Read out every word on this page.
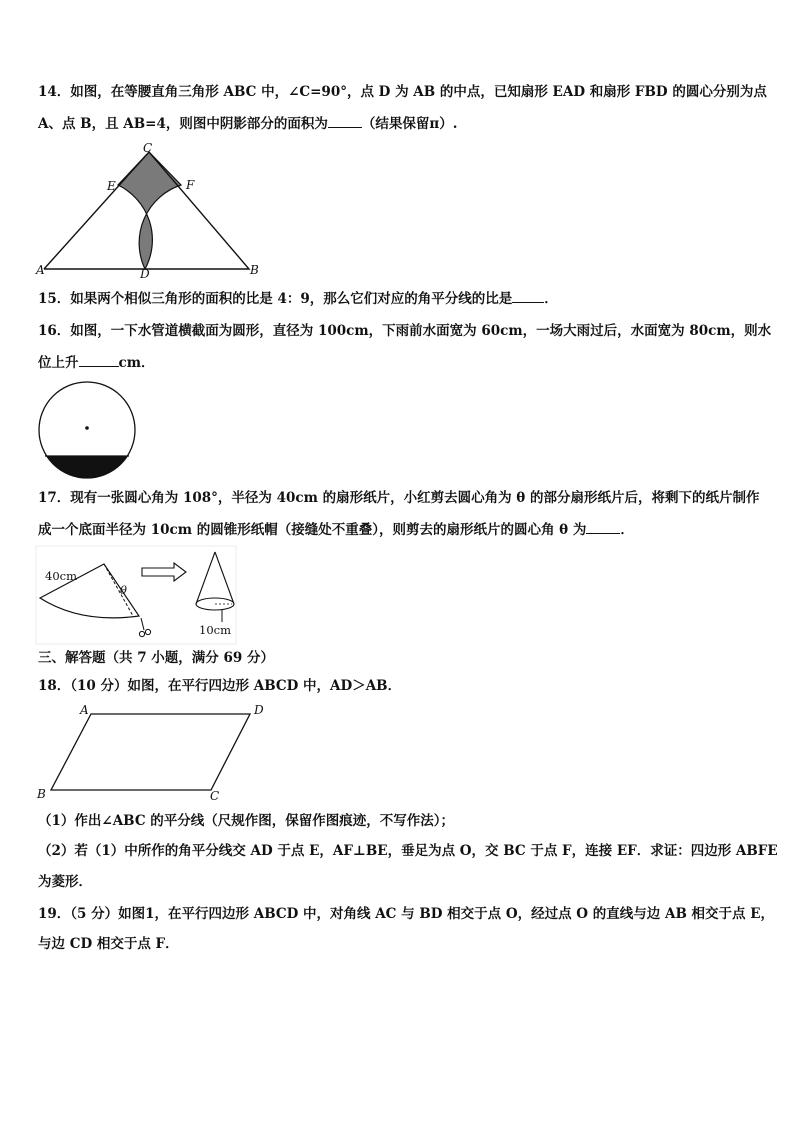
14．如图，在等腰直角三角形 ABC 中，∠C=90°，点 D 为 AB 的中点，已知扇形 EAD 和扇形 FBD 的圆心分别为点
A、点 B，且 AB=4，则图中阴影部分的面积为	（结果保留π）.
A	B
C
D
E	F
15．如果两个相似三角形的面积的比是 4：9，那么它们对应的角平分线的比是 ．
16．如图，一下水管道横截面为圆形，直径为 100cm，下雨前水面宽为 60cm，一场大雨过后，水面宽为 80cm，则水
位上升	cm．
17．现有一张圆心角为 108°，半径为 40cm 的扇形纸片，小红剪去圆心角为 θ 的部分扇形纸片后，将剩下的纸片制作
成一个底面半径为 10cm 的圆锥形纸帽（接缝处不重叠），则剪去的扇形纸片的圆心角 θ 为	．
40cm
θ
10cm
三、解答题（共 7 小题，满分 69 分）
18．（10 分）如图，在平行四边形 ABCD 中，AD＞AB．
A	D
B	C
（1）作出∠ABC 的平分线（尺规作图，保留作图痕迹，不写作法）；
（2）若（1）中所作的角平分线交 AD 于点 E，AF⊥BE，垂足为点 O，交 BC 于点 F，连接 EF．求证：四边形 ABFE
为菱形．
19．（5 分）如图1，在平行四边形 ABCD 中，对角线 AC 与 BD 相交于点 O，经过点 O 的直线与边 AB 相交于点 E，
与边 CD 相交于点 F．
